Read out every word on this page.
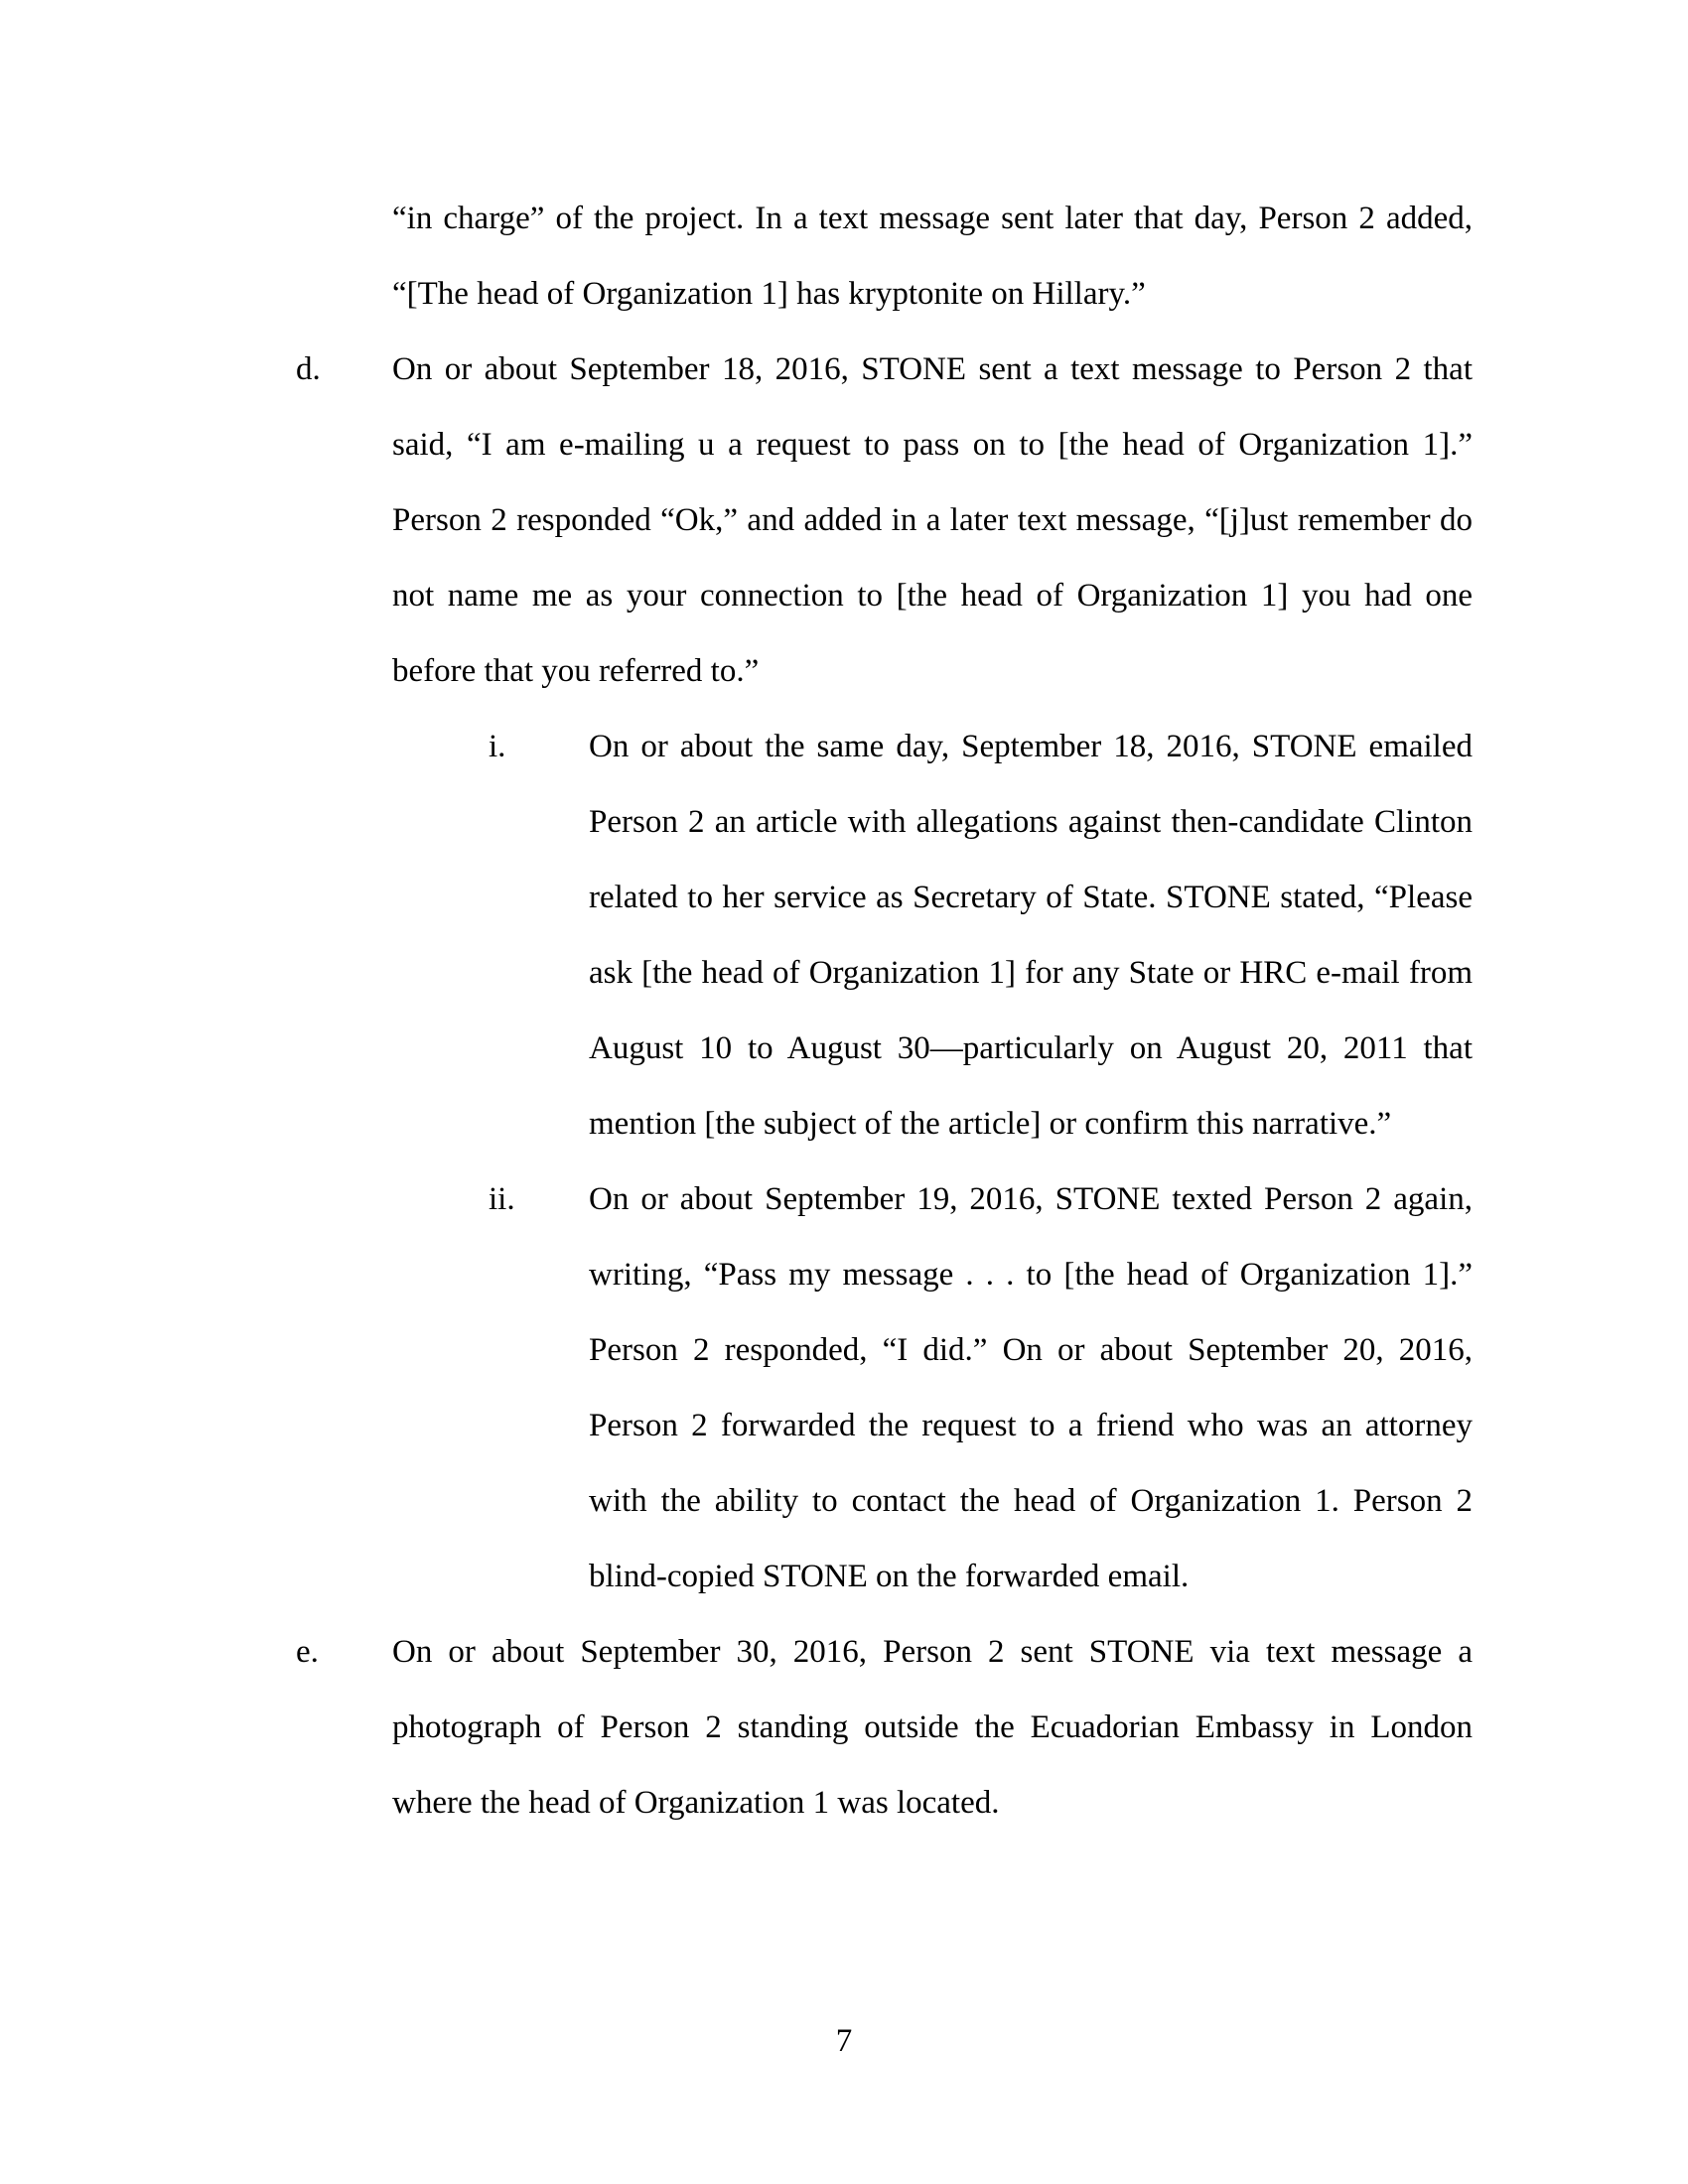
“in charge” of the project. In a text message sent later that day, Person 2 added, “[The head of Organization 1] has kryptonite on Hillary.”

d. On or about September 18, 2016, STONE sent a text message to Person 2 that said, “I am e-mailing u a request to pass on to [the head of Organization 1].” Person 2 responded “Ok,” and added in a later text message, “[j]ust remember do not name me as your connection to [the head of Organization 1] you had one before that you referred to.”

i.	On or about the same day, September 18, 2016, STONE emailed Person 2 an article with allegations against then-candidate Clinton related to her service as Secretary of State. STONE stated, “Please ask [the head of Organization 1] for any State or HRC e-mail from August 10 to August 30—particularly on August 20, 2011 that mention [the subject of the article] or confirm this narrative.”

ii. On or about September 19, 2016, STONE texted Person 2 again, writing, “Pass my message . . . to [the head of Organization 1].” Person 2 responded, “I did.” On or about September 20, 2016, Person 2 forwarded the request to a friend who was an attorney with the ability to contact the head of Organization 1. Person 2 blind-copied STONE on the forwarded email.

e. On or about September 30, 2016, Person 2 sent STONE via text message a photograph of Person 2 standing outside the Ecuadorian Embassy in London where the head of Organization 1 was located.

7
